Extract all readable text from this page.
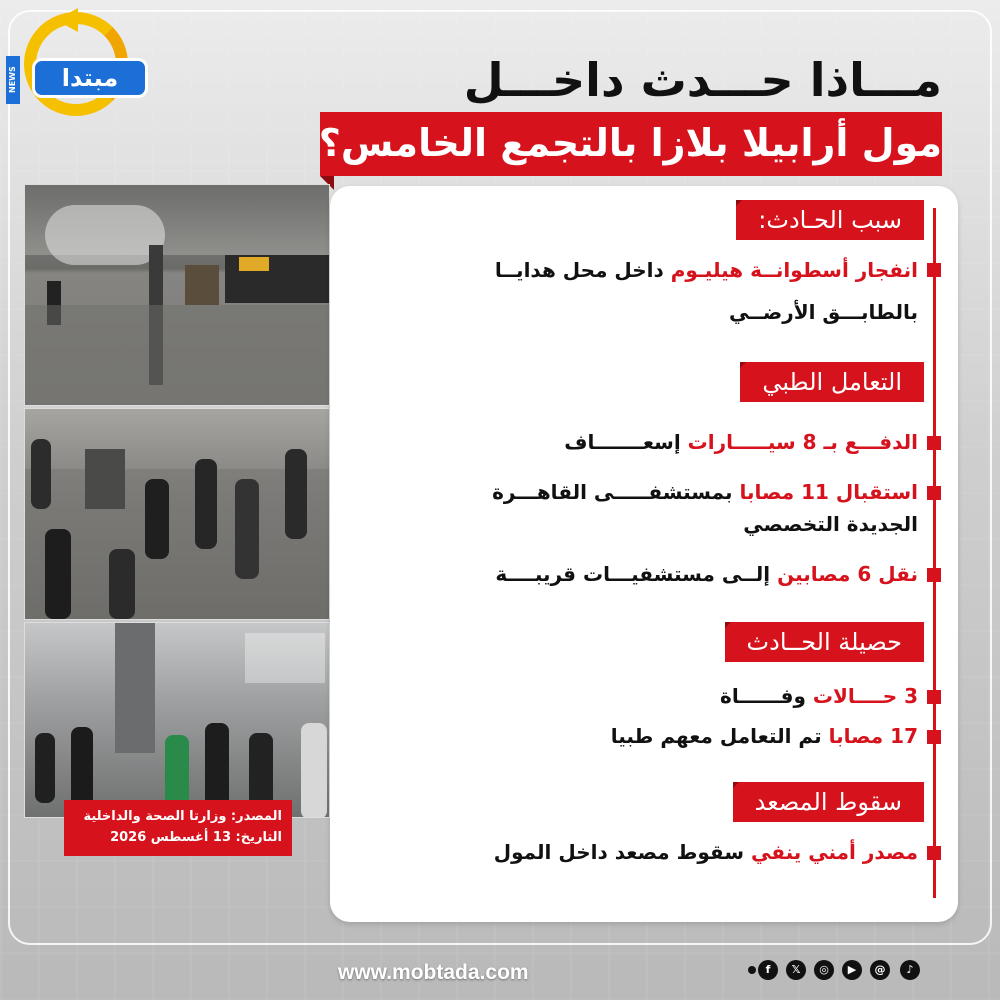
NEWS	مبتدا	مـــاذا حـــدث داخـــل
مول أرابيلا بلازا بالتجمع الخامس؟
المصدر: وزارتا الصحة والداخلية
التاريخ: 13 أغسطس 2026
سبب الحـادث:
انفجار أسطوانــة هيليـوم داخل محل هدايــا
بالطابـــق الأرضــي
التعامل الطبي
الدفـــع بـ 8 سيـــــارات إسعـــــــاف
استقبال 11 مصابا بمستشفـــــى القاهـــرة
الجديدة التخصصي
نقل 6 مصابين إلــى مستشفيـــات قريبــــة
حصيلة الحــادث
3 حــــالات وفــــــاة
17 مصابا تم التعامل معهم طبيا
سقوط المصعد
مصدر أمني ينفي سقوط مصعد داخل المول
www.mobtada.com	♪
@
▶
◎
𝕏
f
